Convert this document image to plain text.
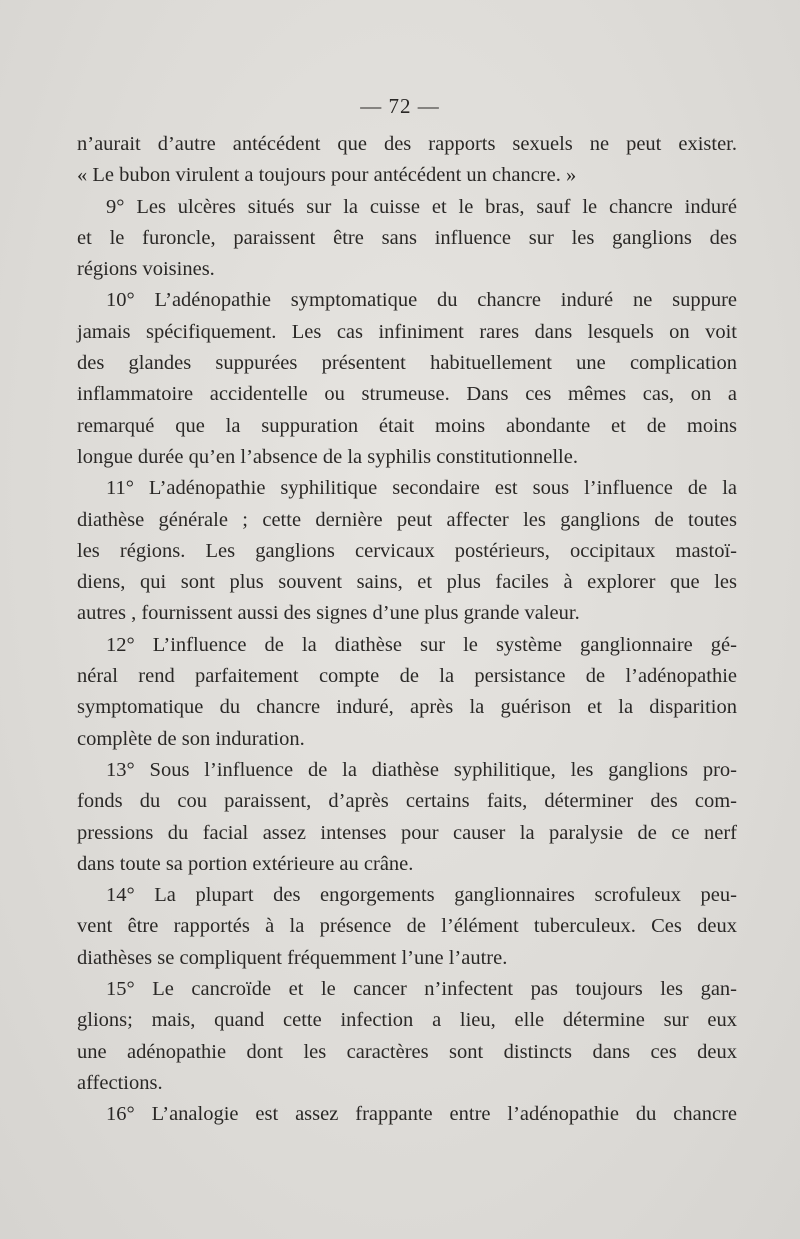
— 72 —
n’aurait d’autre antécédent que des rapports sexuels ne peut exister.
« Le bubon virulent a toujours pour antécédent un chancre. »
9° Les ulcères situés sur la cuisse et le bras, sauf le chancre induré
et le furoncle, paraissent être sans influence sur les ganglions des
régions voisines.
10° L’adénopathie symptomatique du chancre induré ne suppure
jamais spécifiquement. Les cas infiniment rares dans lesquels on voit
des glandes suppurées présentent habituellement une complication
inflammatoire accidentelle ou strumeuse. Dans ces mêmes cas, on a
remarqué que la suppuration était moins abondante et de moins
longue durée qu’en l’absence de la syphilis constitutionnelle.
11° L’adénopathie syphilitique secondaire est sous l’influence de la
diathèse générale ; cette dernière peut affecter les ganglions de toutes
les régions. Les ganglions cervicaux postérieurs, occipitaux mastoï-
diens, qui sont plus souvent sains, et plus faciles à explorer que les
autres , fournissent aussi des signes d’une plus grande valeur.
12° L’influence de la diathèse sur le système ganglionnaire gé-
néral rend parfaitement compte de la persistance de l’adénopathie
symptomatique du chancre induré, après la guérison et la disparition
complète de son induration.
13° Sous l’influence de la diathèse syphilitique, les ganglions pro-
fonds du cou paraissent, d’après certains faits, déterminer des com-
pressions du facial assez intenses pour causer la paralysie de ce nerf
dans toute sa portion extérieure au crâne.
14° La plupart des engorgements ganglionnaires scrofuleux peu-
vent être rapportés à la présence de l’élément tuberculeux. Ces deux
diathèses se compliquent fréquemment l’une l’autre.
15° Le cancroïde et le cancer n’infectent pas toujours les gan-
glions; mais, quand cette infection a lieu, elle détermine sur eux
une adénopathie dont les caractères sont distincts dans ces deux
affections.
16° L’analogie est assez frappante entre l’adénopathie du chancre
